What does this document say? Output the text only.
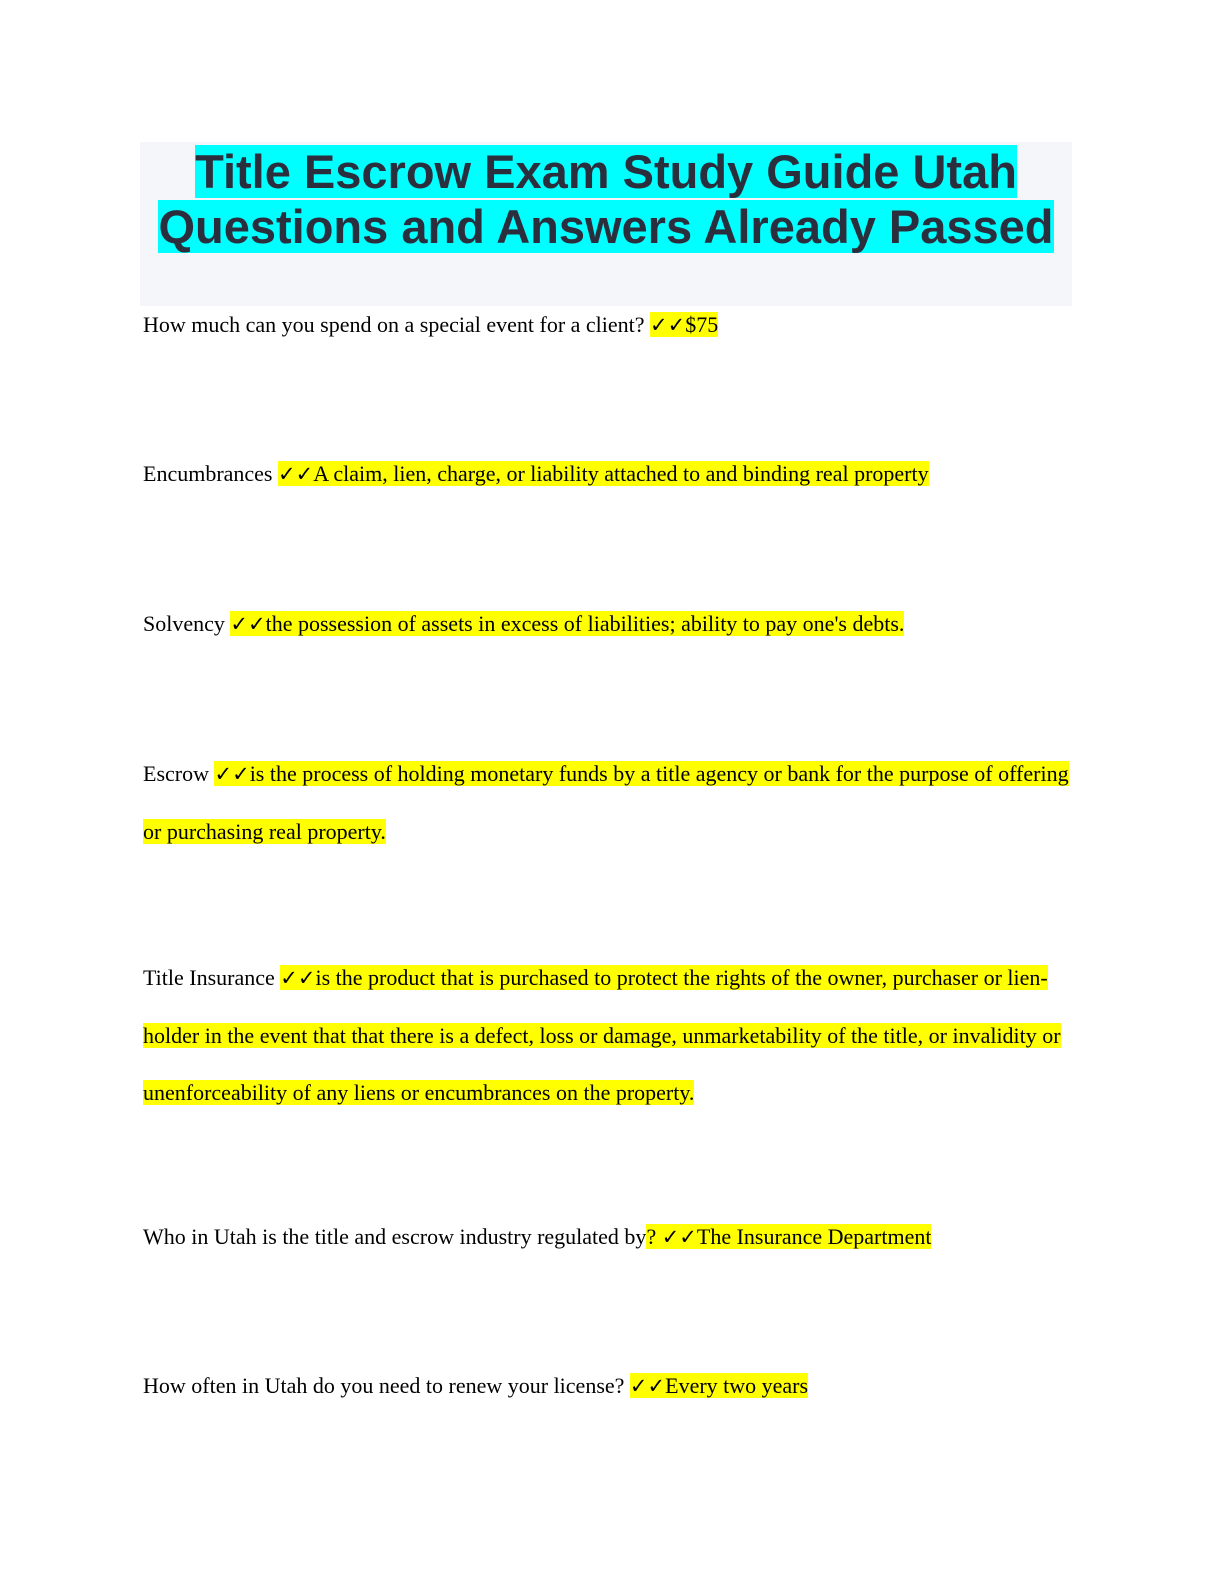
Title Escrow Exam Study Guide Utah
Questions and Answers Already Passed

How much can you spend on a special event for a client? ✓✓$75

Encumbrances ✓✓A claim, lien, charge, or liability attached to and binding real property

Solvency ✓✓the possession of assets in excess of liabilities; ability to pay one's debts.

Escrow ✓✓is the process of holding monetary funds by a title agency or bank for the purpose of offering or purchasing real property.

Title Insurance ✓✓is the product that is purchased to protect the rights of the owner, purchaser or lien-holder in the event that that there is a defect, loss or damage, unmarketability of the title, or invalidity or unenforceability of any liens or encumbrances on the property.

Who in Utah is the title and escrow industry regulated by? ✓✓The Insurance Department

How often in Utah do you need to renew your license? ✓✓Every two years
